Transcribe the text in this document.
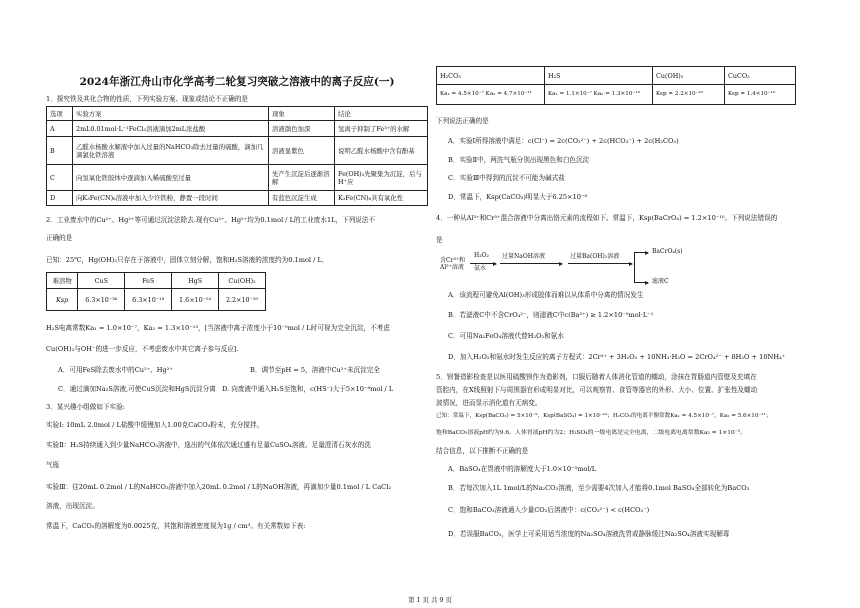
2024年浙江舟山市化学高考二轮复习突破之溶液中的离子反应(一)
1．探究铁及其化合物的性质，下列实验方案、现象或结论不正确的是
选项	实验方案	现象	结论
A	2mL0.01mol·L⁻¹FeCl₃溶液滴加2mL浓盐酸	溶液颜色加深	氢离子抑制了Fe³⁺的水解
B	乙醛水杨酸水解液中加入过量的NaHCO₃除去过量的硫酸，滴加几滴氯化铁溶液	溶液显紫色	说明乙醛水杨酸中含有酚基
C	向氢氧化铁胶体中逐滴加入稀硫酸至过量	先产生沉淀后逐渐溶解	Fe(OH)₃先聚集为沉淀，后与H⁺应
D	向K₃Fe(CN)₆溶液中加入少许铁粉，静置一段时间	有蓝色沉淀生成	K₃Fe(CN)₆具有氧化性
2．工业废水中的Cu²⁺、Hg²⁺等可通过沉淀法除去.现有Cu²⁺、Hg²⁺均为0.1mol / L的工业废水1L，下列说法不
正确的是
已知：25℃，Hg(OH)₂只存在于溶液中，固体立刻分解，饱和H₂S溶液的浓度约为0.1mol / L．
难溶物	CuS	FeS	HgS	Cu(OH)₂
Ksp	6.3×10⁻³⁶	6.3×10⁻¹⁸	1.6×10⁻⁵²	2.2×10⁻²⁰
H₂S电离常数Ka₁ = 1.0×10⁻⁷，Ka₂ = 1.3×10⁻¹³，[当溶液中离子浓度小于10⁻⁵mol / L时可视为完全沉淀，不考虑
Cu(OH)₂与OH⁻的进一步反应，不考虑废水中其它离子参与反应].
A．可用FeS除去废水中的Cu²⁺、Hg²⁺	B．调节至pH = 5，溶液中Cu²⁺未沉淀完全
C．通过滴加Na₂S溶液,可使CuS沉淀和HgS沉淀分离 D. 向废液中通入H₂S至饱和，c(HS⁻)大于5×10⁻⁸mol / L
3．某兴趣小组做如下实验:
实验Ⅰ: 10mL 2.0mol / L盐酸中缓慢加入1.00克CaCO₃粉末，充分搅拌。
实验Ⅱ：H₂S持续通入到少量NaHCO₃溶液中，逸出的气体依次通过盛有足量CuSO₄溶液、足量澄清石灰水的洗
气瓶
实验Ⅲ：往20mL 0.2mol / L的NaHCO₃溶液中加入20mL 0.2mol / L的NaOH溶液，再滴加少量0.1mol / L CaCl₂
溶液，出现沉淀。
常温下，CaCO₃的溶解度为0.0025克，其饱和溶液密度视为1g / cm³。有关常数如下表:
H₂CO₃	H₂S	Cu(OH)₂	CuCO₃
Ka₁ = 4.5×10⁻⁷ Ka₂ = 4.7×10⁻¹¹	Ka₁ = 1.1×10⁻⁷ Ka₂ = 1.3×10⁻¹³	Ksp = 2.2×10⁻²⁰	Ksp = 1.4×10⁻¹⁰
下列说法正确的是
A．实验Ⅰ所得溶液中满足：c(Cl⁻) = 2c(CO₃²⁻) + 2c(HCO₃⁻) + 2c(H₂CO₃)
B．实验Ⅱ中，两洗气瓶分别出现黑色和白色沉淀
C．实验Ⅲ中得到的沉淀不可能为碱式盐
D．常温下，Ksp(CaCO₃)明显大于6.25×10⁻⁸
4．一种从Al³⁺和Cr³⁺混合溶液中分离出铬元素的流程如下。常温下，Ksp(BaCrO₄) = 1.2×10⁻¹⁰。下列说法错误的
是
含Cr³⁺和Al³⁺溶液
H₂O₂
氨水
过量NaOH溶液	过量Ba(OH)₂溶液
BaCrO₄(s)
滤液C
A．该流程可避免Al(OH)₃形成胶体而难以从体系中分离的情况发生
B．若滤液C中不含CrO₄²⁻，则滤液C中c(Ba²⁺) ≥ 1.2×10⁻⁵mol·L⁻¹
C．可用Na₂FeO₄溶液代替H₂O₂和氨水
D．加入H₂O₂和氨水时发生反应的离子方程式：2Cr³⁺ + 3H₂O₂ + 10NH₃·H₂O = 2CrO₄²⁻ + 8H₂O + 10NH₄⁺
5．钡餐造影检查是以医用硫酸钡作为造影剂，口服后随着人体消化管道的蠕动，涂抹在胃肠道内管壁及充填在
管腔内，在X线照射下与周围器官形成明显对比，可以观察胃、食管等器官的外形、大小、位置、扩张性及蠕动
波情况，进而显示消化道有无病变。
已知：常温下，Ksp(BaCO₃) = 5×10⁻⁹，Ksp(BaSO₄) = 1×10⁻¹⁰；H₂CO₃的电离平衡常数Ka₁ = 4.5×10⁻⁷，Ka₂ = 5.6×10⁻¹¹；
饱和BaCO₃溶液pH约为9.6，人体胃液pH约为2；H₂SO₄的一级电离是完全电离，二级电离电离常数Ka₂ = 1×10⁻²。
结合信息，以下推断不正确的是
A．BaSO₄在胃液中的溶解度大于1.0×10⁻⁵mol/L
B．若每次加入1L 1mol/L的Na₂CO₃溶液，至少需要4次加入才能将0.1mol BaSO₄全部转化为BaCO₃
C．饱和BaCO₃溶液通入少量CO₂后溶液中：c(CO₃²⁻) < c(HCO₃⁻)
D．若误服BaCO₃，医学上可采用适当浓度的Na₂SO₄溶液洗胃或静脉缓注Na₂SO₄溶液实现解毒
第 1 页 共 9 页
